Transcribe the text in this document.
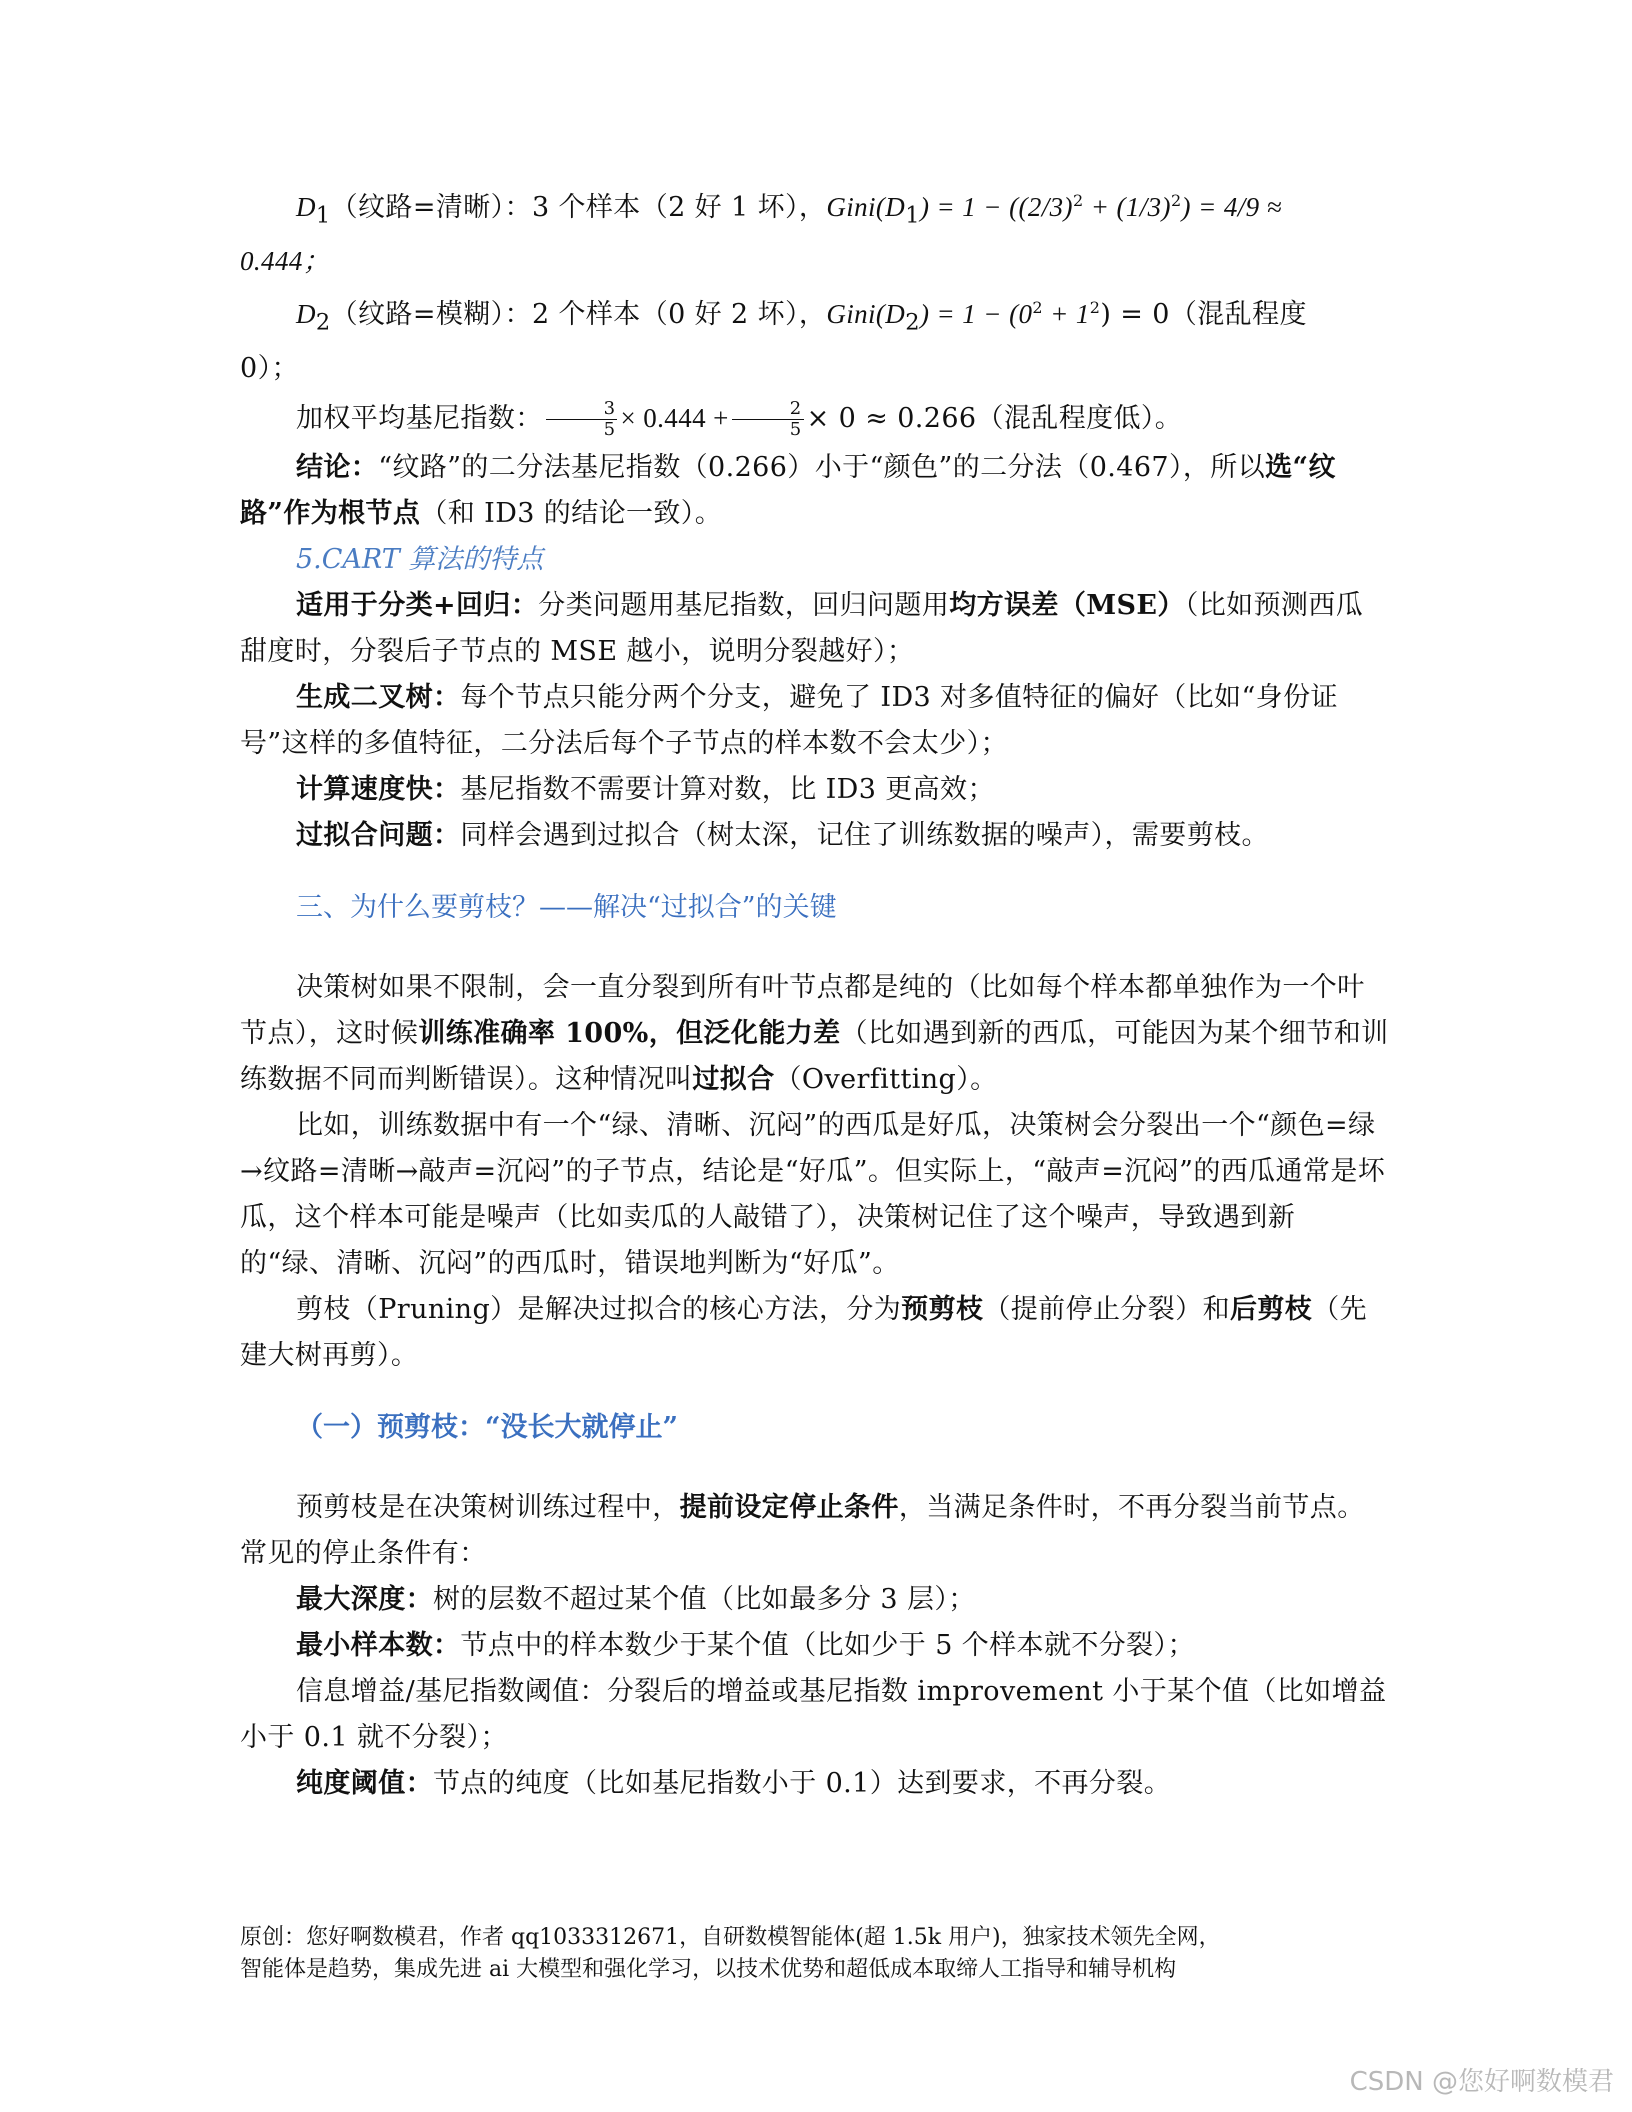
$D_1$（纹路=清晰）：3 个样本（2 好 1 坏），$Gini(D_1) = 1 - ((2/3)^2 + (1/3)^2) = 4/9$ ≈

0.444；

$D_2$（纹路=模糊）：2 个样本（0 好 2 坏），$Gini(D_2) = 1 - (0^2 + 1^2) = 0$（混乱程度

0）；

加权平均基尼指数： $\frac{3}{5} \times 0.444 + \frac{2}{5} \times 0 \approx 0.266$（混乱程度低）。

结论：“纹路”的二分法基尼指数（0.266）小于“颜色”的二分法（0.467），所以选“纹路”作为根节点（和 ID3 的结论一致）。

5.CART 算法的特点

适用于分类+回归：分类问题用基尼指数，回归问题用均方误差（MSE）（比如预测西瓜甜度时，分裂后子节点的 MSE 越小，说明分裂越好）；

生成二叉树：每个节点只能分两个分支，避免了 ID3 对多值特征的偏好（比如“身份证号”这样的多值特征，二分法后每个子节点的样本数不会太少）；

计算速度快：基尼指数不需要计算对数，比 ID3 更高效；

过拟合问题：同样会遇到过拟合（树太深，记住了训练数据的噪声），需要剪枝。

三、为什么要剪枝？——解决“过拟合”的关键

决策树如果不限制，会一直分裂到所有叶节点都是纯的（比如每个样本都单独作为一个叶节点），这时候训练准确率 100%，但泛化能力差（比如遇到新的西瓜，可能因为某个细节和训练数据不同而判断错误）。这种情况叫过拟合（Overfitting）。

比如，训练数据中有一个“绿、清晰、沉闷”的西瓜是好瓜，决策树会分裂出一个“颜色=绿→纹路=清晰→敲声=沉闷”的子节点，结论是“好瓜”。但实际上，“敲声=沉闷”的西瓜通常是坏瓜，这个样本可能是噪声（比如卖瓜的人敲错了），决策树记住了这个噪声，导致遇到新的“绿、清晰、沉闷”的西瓜时，错误地判断为“好瓜”。

剪枝（Pruning）是解决过拟合的核心方法，分为预剪枝（提前停止分裂）和后剪枝（先建大树再剪）。

（一）预剪枝：“没长大就停止”

预剪枝是在决策树训练过程中，提前设定停止条件，当满足条件时，不再分裂当前节点。常见的停止条件有：

最大深度：树的层数不超过某个值（比如最多分 3 层）；

最小样本数：节点中的样本数少于某个值（比如少于 5 个样本就不分裂）；

信息增益/基尼指数阈值：分裂后的增益或基尼指数 improvement 小于某个值（比如增益小于 0.1 就不分裂）；

纯度阈值：节点的纯度（比如基尼指数小于 0.1）达到要求，不再分裂。

原创：您好啊数模君，作者 qq1033312671，自研数模智能体(超 1.5k 用户)，独家技术领先全网，
智能体是趋势，集成先进 ai 大模型和强化学习，以技术优势和超低成本取缔人工指导和辅导机构
CSDN @您好啊数模君
